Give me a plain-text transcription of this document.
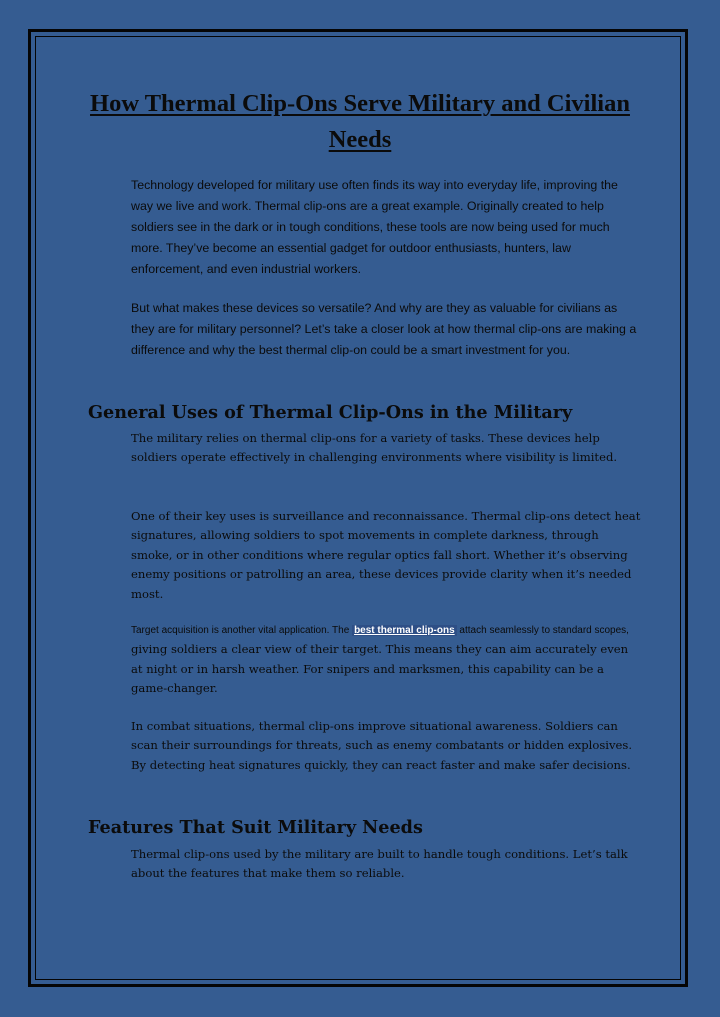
How Thermal Clip-Ons Serve Military and Civilian Needs

Technology developed for military use often finds its way into everyday life, improving the way we live and work. Thermal clip-ons are a great example. Originally created to help soldiers see in the dark or in tough conditions, these tools are now being used for much more. They’ve become an essential gadget for outdoor enthusiasts, hunters, law enforcement, and even industrial workers.

But what makes these devices so versatile? And why are they as valuable for civilians as they are for military personnel? Let’s take a closer look at how thermal clip-ons are making a difference and why the best thermal clip-on could be a smart investment for you.

General Uses of Thermal Clip-Ons in the Military

The military relies on thermal clip-ons for a variety of tasks. These devices help soldiers operate effectively in challenging environments where visibility is limited.

One of their key uses is surveillance and reconnaissance. Thermal clip-ons detect heat signatures, allowing soldiers to spot movements in complete darkness, through smoke, or in other conditions where regular optics fall short. Whether it’s observing enemy positions or patrolling an area, these devices provide clarity when it’s needed most.

Target acquisition is another vital application. The best thermal clip-ons attach seamlessly to standard scopes, giving soldiers a clear view of their target. This means they can aim accurately even at night or in harsh weather. For snipers and marksmen, this capability can be a game-changer.

In combat situations, thermal clip-ons improve situational awareness. Soldiers can scan their surroundings for threats, such as enemy combatants or hidden explosives. By detecting heat signatures quickly, they can react faster and make safer decisions.

Features That Suit Military Needs

Thermal clip-ons used by the military are built to handle tough conditions. Let’s talk about the features that make them so reliable.
